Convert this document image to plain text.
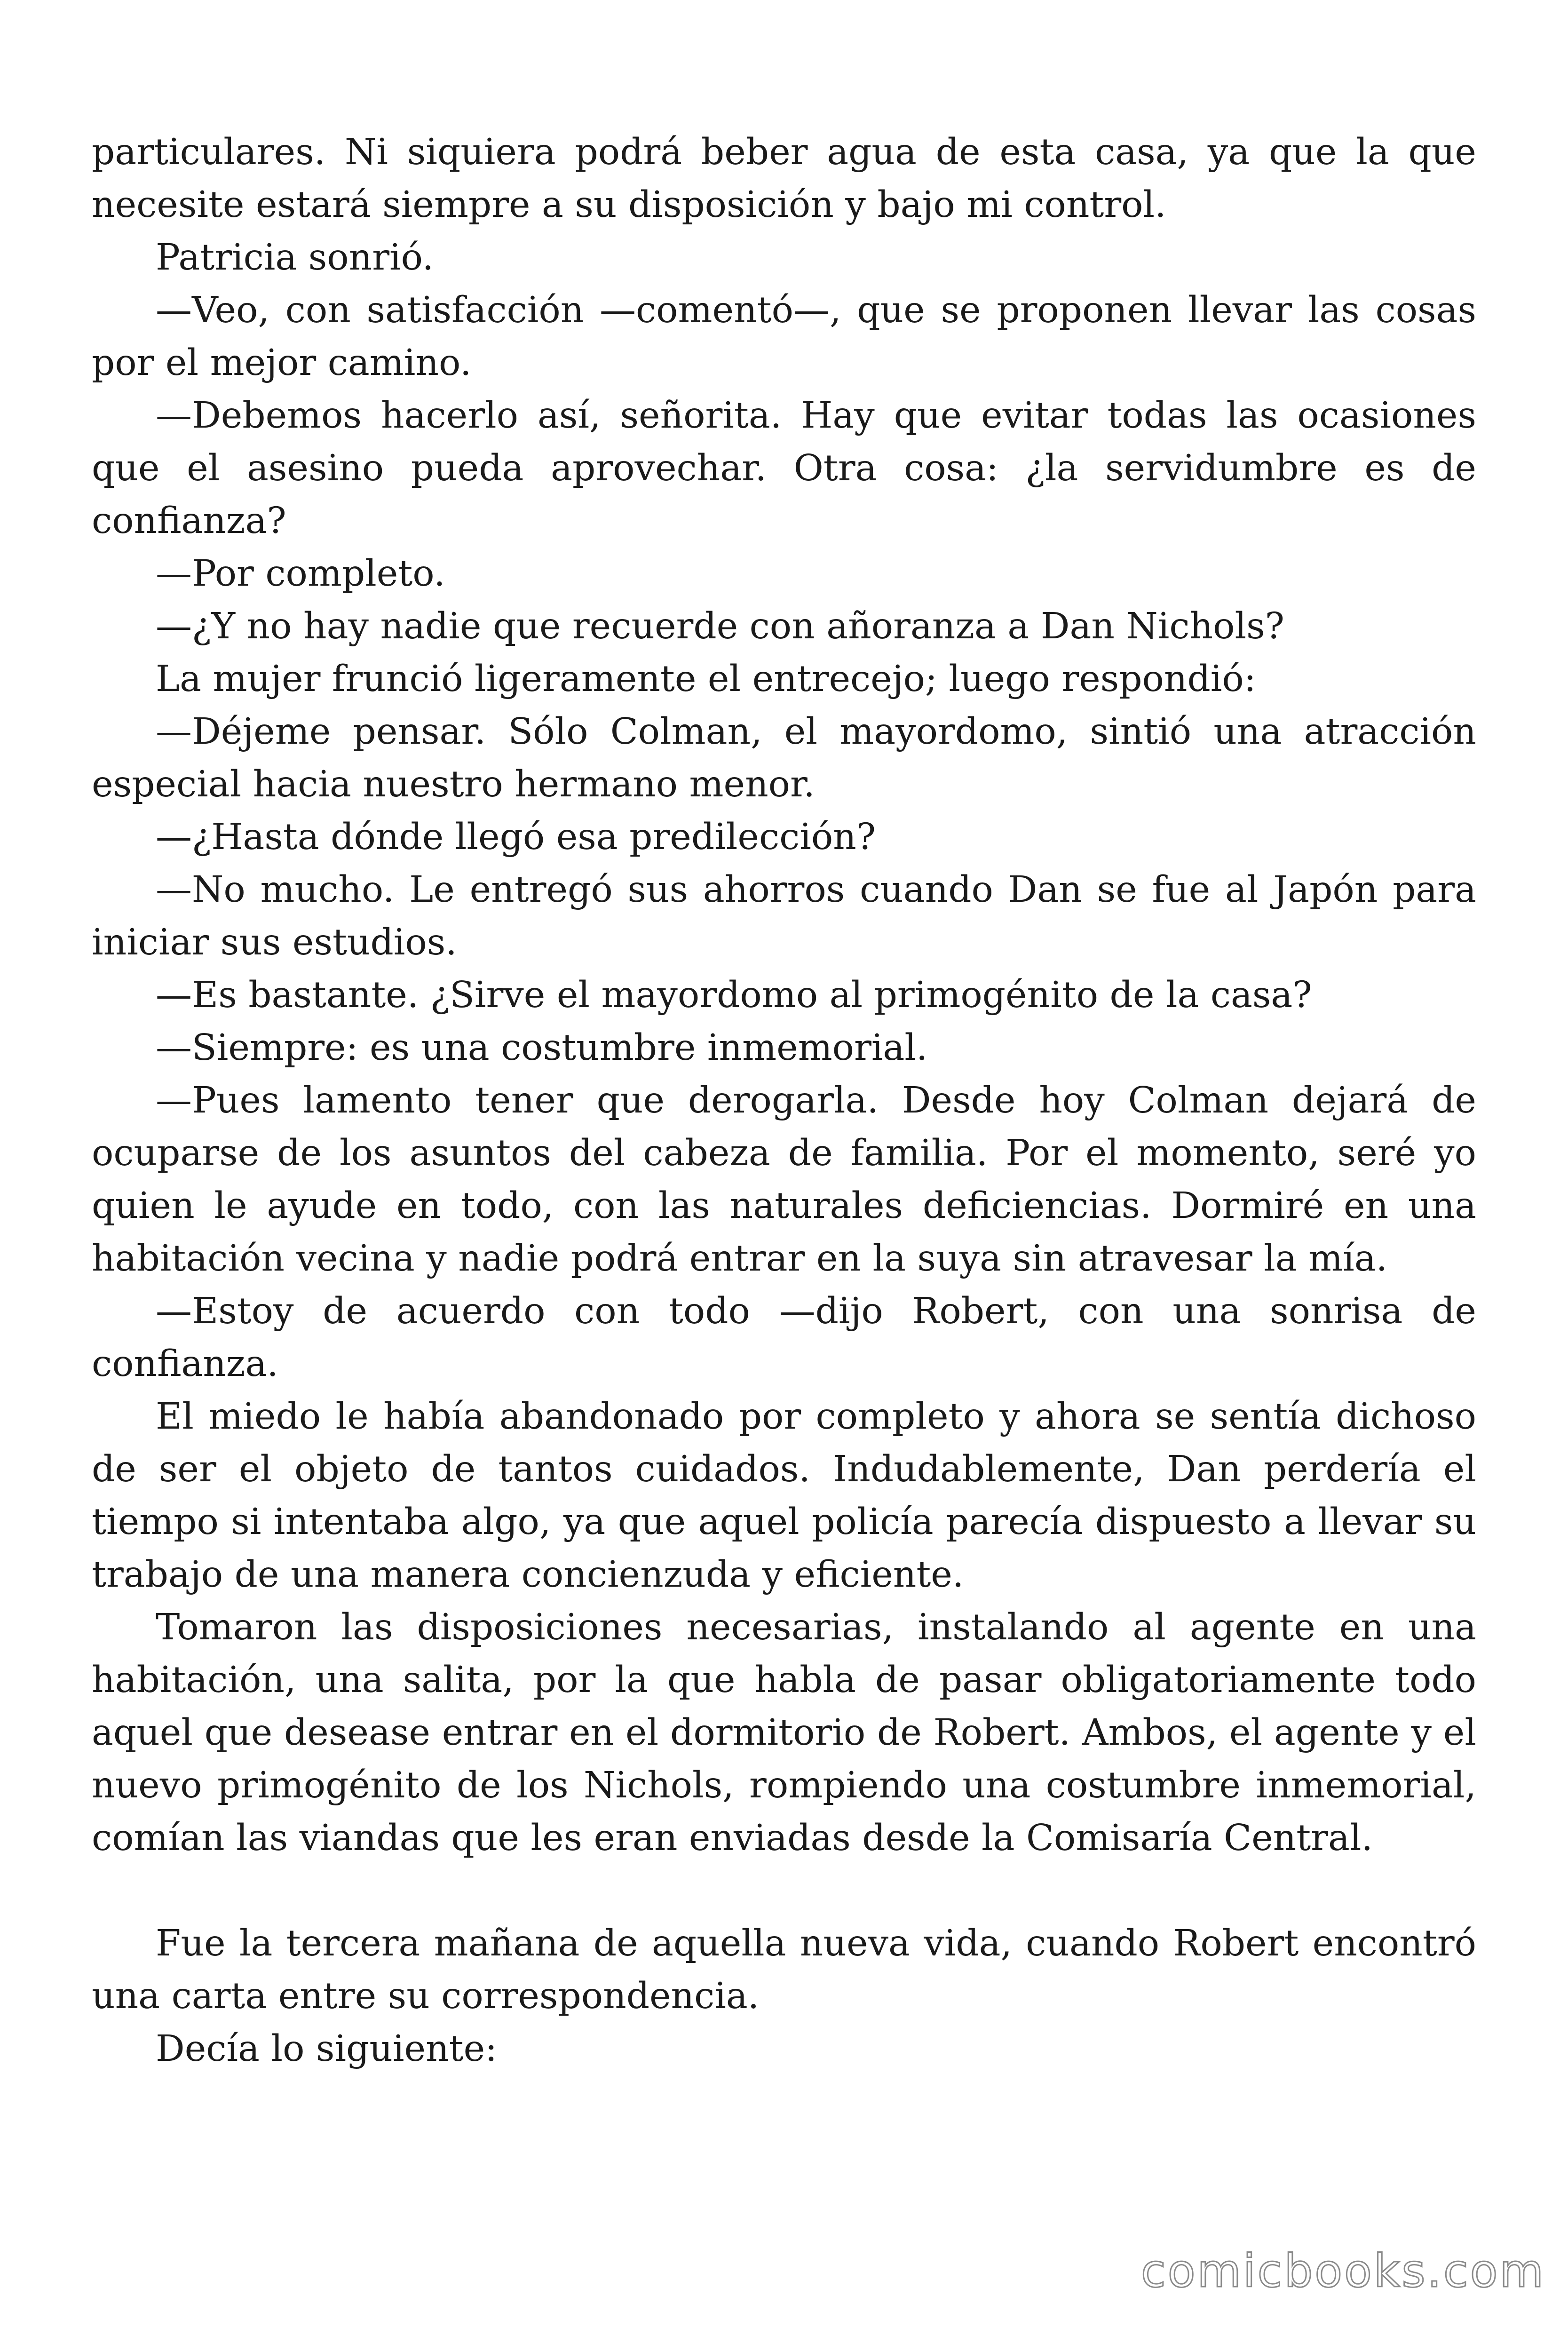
particulares. Ni siquiera podrá beber agua de esta casa, ya que la que necesite estará siempre a su disposición y bajo mi control.

Patricia sonrió.

—Veo, con satisfacción —comentó—, que se proponen llevar las cosas por el mejor camino.

—Debemos hacerlo así, señorita. Hay que evitar todas las ocasiones que el asesino pueda aprovechar. Otra cosa: ¿la servidumbre es de confianza?

—Por completo.

—¿Y no hay nadie que recuerde con añoranza a Dan Nichols?

La mujer frunció ligeramente el entrecejo; luego respondió:

—Déjeme pensar. Sólo Colman, el mayordomo, sintió una atracción especial hacia nuestro hermano menor.

—¿Hasta dónde llegó esa predilección?

—No mucho. Le entregó sus ahorros cuando Dan se fue al Japón para iniciar sus estudios.

—Es bastante. ¿Sirve el mayordomo al primogénito de la casa?

—Siempre: es una costumbre inmemorial.

—Pues lamento tener que derogarla. Desde hoy Colman dejará de ocuparse de los asuntos del cabeza de familia. Por el momento, seré yo quien le ayude en todo, con las naturales deficiencias. Dormiré en una habitación vecina y nadie podrá entrar en la suya sin atravesar la mía.

—Estoy de acuerdo con todo —dijo Robert, con una sonrisa de confianza.

El miedo le había abandonado por completo y ahora se sentía dichoso de ser el objeto de tantos cuidados. Indudablemente, Dan perdería el tiempo si intentaba algo, ya que aquel policía parecía dispuesto a llevar su trabajo de una manera concienzuda y eficiente.

Tomaron las disposiciones necesarias, instalando al agente en una habitación, una salita, por la que habla de pasar obligatoriamente todo aquel que desease entrar en el dormitorio de Robert. Ambos, el agente y el nuevo primogénito de los Nichols, rompiendo una costumbre inmemorial, comían las viandas que les eran enviadas desde la Comisaría Central.

Fue la tercera mañana de aquella nueva vida, cuando Robert encontró una carta entre su correspondencia.

Decía lo siguiente:

comicbooks.com
